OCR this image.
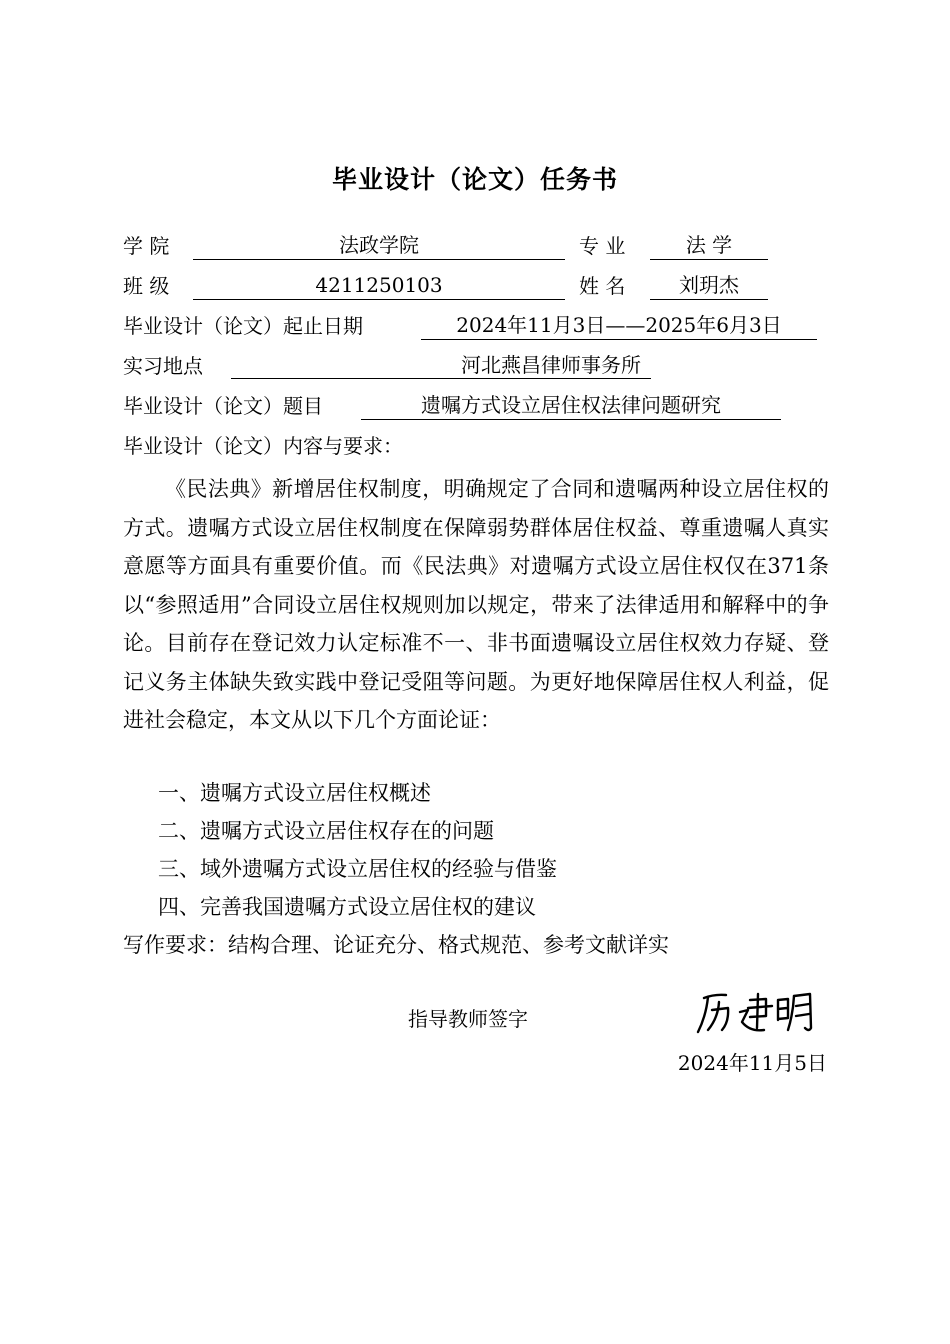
毕业设计（论文）任务书
学 院	法政学院	专 业	法 学
班 级	4211250103	姓 名	刘玥杰
毕业设计（论文）起止日期	2024年11月3日——2025年6月3日
实习地点	河北燕昌律师事务所
毕业设计（论文）题目	遗嘱方式设立居住权法律问题研究
毕业设计（论文）内容与要求：

《民法典》新增居住权制度，明确规定了合同和遗嘱两种设立居住权的方式。遗嘱方式设立居住权制度在保障弱势群体居住权益、尊重遗嘱人真实意愿等方面具有重要价值。而《民法典》对遗嘱方式设立居住权仅在371条以“参照适用”合同设立居住权规则加以规定，带来了法律适用和解释中的争论。目前存在登记效力认定标准不一、非书面遗嘱设立居住权效力存疑、登记义务主体缺失致实践中登记受阻等问题。为更好地保障居住权人利益，促进社会稳定，本文从以下几个方面论证：

一、遗嘱方式设立居住权概述
二、遗嘱方式设立居住权存在的问题
三、域外遗嘱方式设立居住权的经验与借鉴
四、完善我国遗嘱方式设立居住权的建议
写作要求：结构合理、论证充分、格式规范、参考文献详实
指导教师签字
2024年11月5日
